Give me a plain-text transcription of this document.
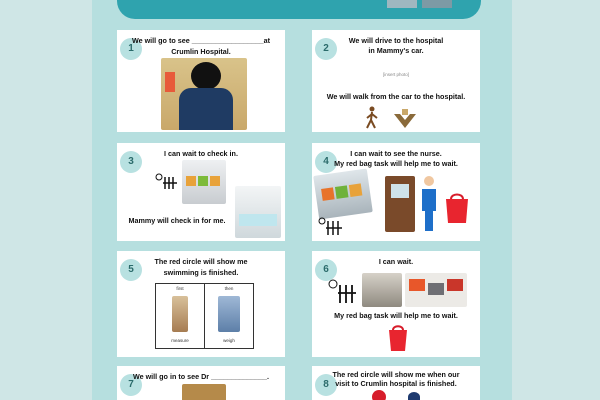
1

We will go to see __________________at

Crumlin Hospital.	2

We will drive to the hospital

in Mammy's car.

[insert photo]

We will walk from the car to the hospital.

3

I can wait to check in.

Mammy will check in for me.

4

I can wait to see the nurse.

My red bag task will help me to wait.

5

The red circle will show me

swimming is finished.

first	then
measure	weigh
6

I can wait.

My red bag task will help me to wait.

7

We will go in to see Dr ______________.

8

The red circle will show me when our

visit to Crumlin hospital is finished.
